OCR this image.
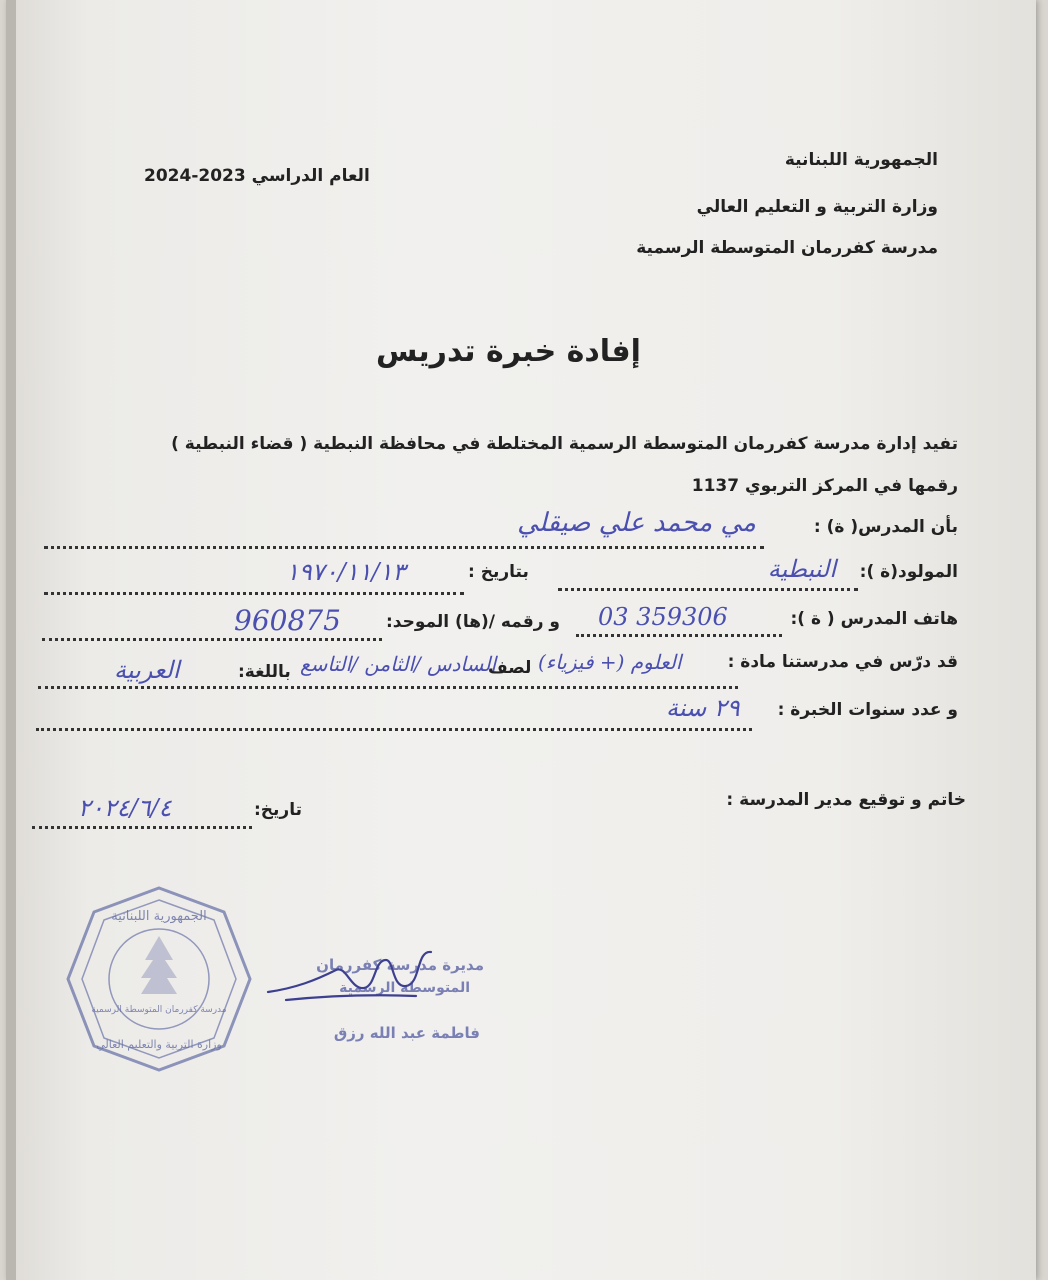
الجمهورية اللبنانية
وزارة التربية و التعليم العالي
مدرسة كفررمان المتوسطة الرسمية
العام الدراسي 2023-2024
إفادة خبرة تدريس
تفيد إدارة مدرسة كفررمان المتوسطة الرسمية المختلطة في محافظة النبطية ( قضاء النبطية )
رقمها في المركز التربوي 1137
بأن المدرس( ة) :
مي محمد علي صيقلي
المولود(ة ):
النبطية
بتاريخ :
١٩٧٠/١١/١٣
هاتف المدرس ( ة ):
03 359306
و رقمه /(ها) الموحد:
960875
قد درّس في مدرستنا مادة :
العلوم (+ فيزياء)
لصف
السادس /الثامن /التاسع
باللغة:
العربية
و عدد سنوات الخبرة :
٢٩ سنة
خاتم و توقيع مدير المدرسة :
تاريخ:
٢٠٢٤/٦/٤
الجمهورية اللبنانية
مدرسة كفررمان المتوسطة الرسمية
وزارة التربية والتعليم العالي
مديرة مدرسة كفررمان
المتوسطة الرسمية
فاطمة عبد الله رزق
